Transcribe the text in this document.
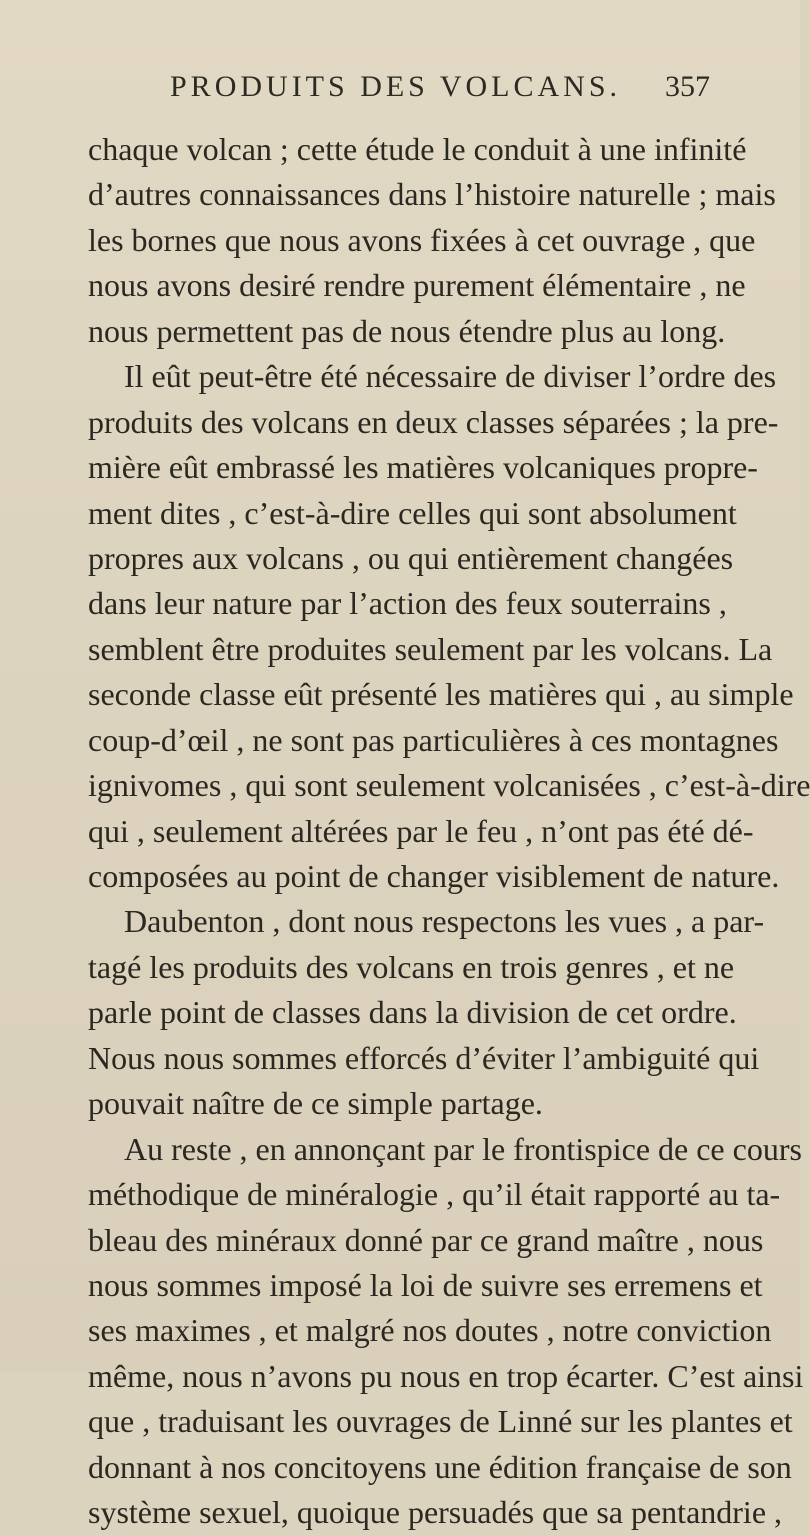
PRODUITS DES VOLCANS. 357
chaque volcan ; cette étude le conduit à une infinité
d’autres connaissances dans l’histoire naturelle ; mais
les bornes que nous avons fixées à cet ouvrage , que
nous avons desiré rendre purement élémentaire , ne
nous permettent pas de nous étendre plus au long.
Il eût peut-être été nécessaire de diviser l’ordre des
produits des volcans en deux classes séparées ; la pre-
mière eût embrassé les matières volcaniques propre-
ment dites , c’est-à-dire celles qui sont absolument
propres aux volcans , ou qui entièrement changées
dans leur nature par l’action des feux souterrains ,
semblent être produites seulement par les volcans. La
seconde classe eût présenté les matières qui , au simple
coup-d’œil , ne sont pas particulières à ces montagnes
ignivomes , qui sont seulement volcanisées , c’est-à-dire
qui , seulement altérées par le feu , n’ont pas été dé-
composées au point de changer visiblement de nature.
Daubenton , dont nous respectons les vues , a par-
tagé les produits des volcans en trois genres , et ne
parle point de classes dans la division de cet ordre.
Nous nous sommes efforcés d’éviter l’ambiguité qui
pouvait naître de ce simple partage.
Au reste , en annonçant par le frontispice de ce cours
méthodique de minéralogie , qu’il était rapporté au ta-
bleau des minéraux donné par ce grand maître , nous
nous sommes imposé la loi de suivre ses erremens et
ses maximes , et malgré nos doutes , notre conviction
même, nous n’avons pu nous en trop écarter. C’est ainsi
que , traduisant les ouvrages de Linné sur les plantes et
donnant à nos concitoyens une édition française de son
système sexuel, quoique persuadés que sa pentandrie ,
